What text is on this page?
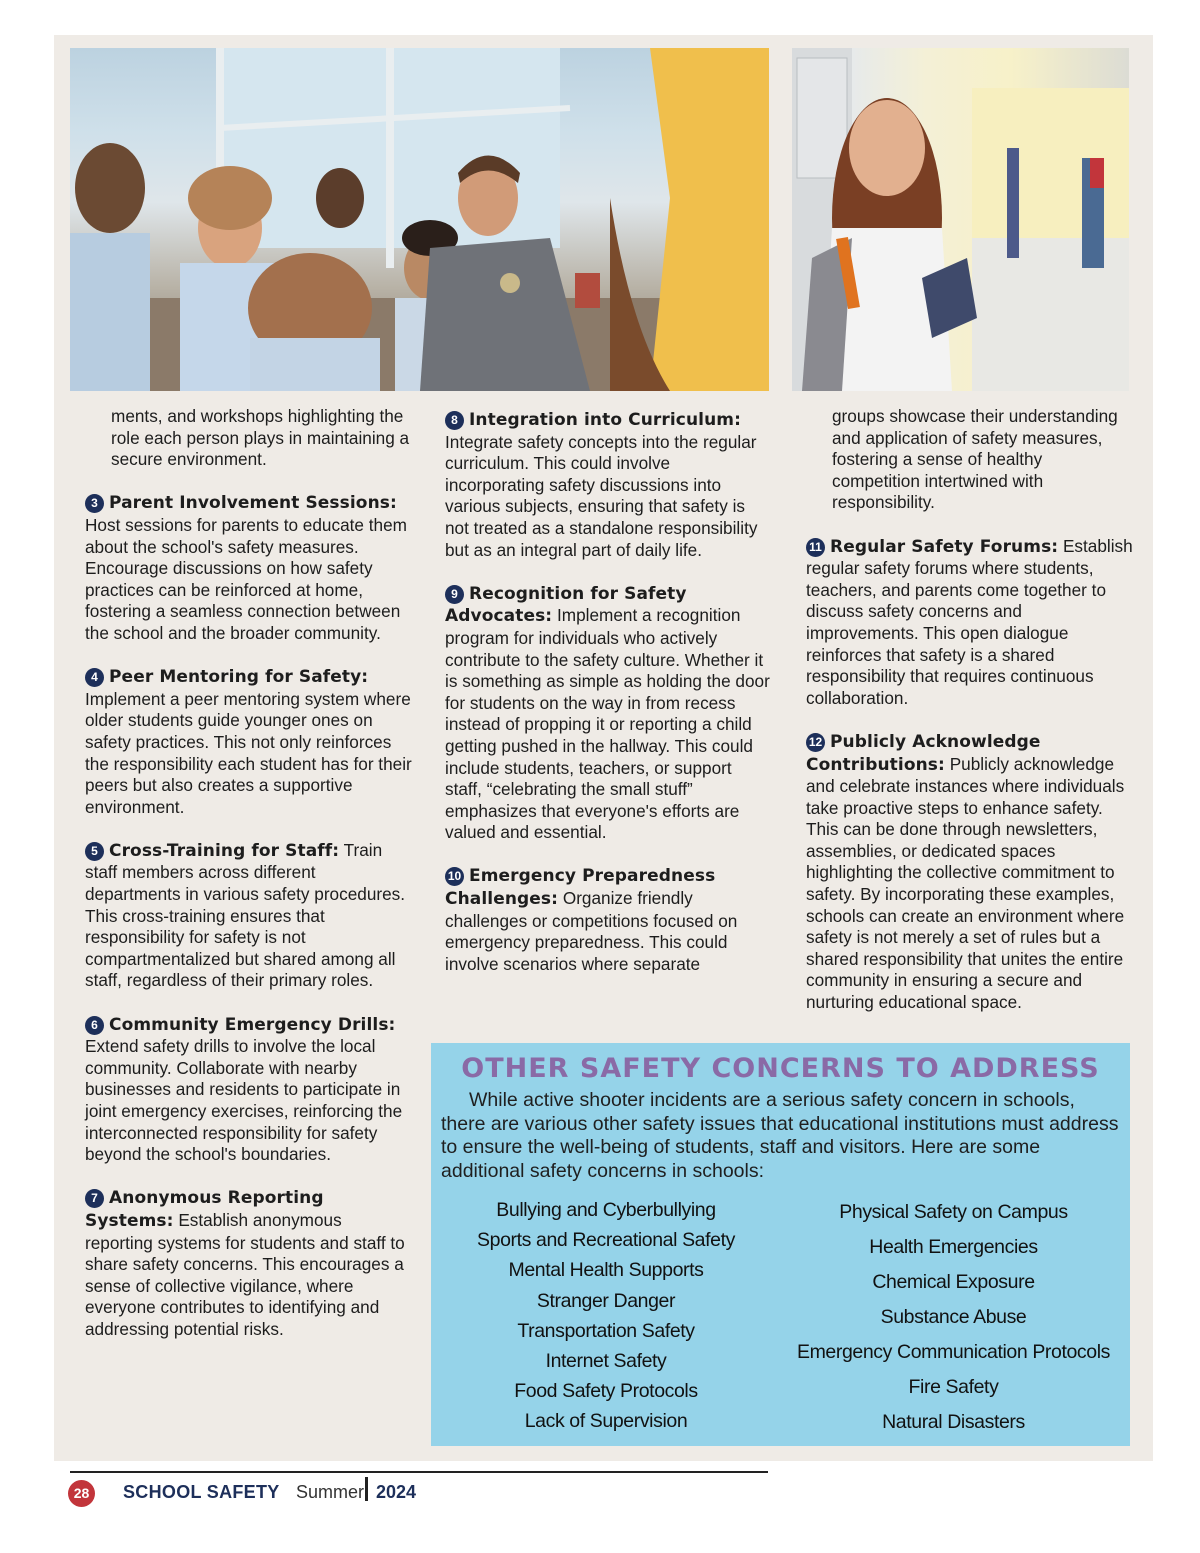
ments, and workshops highlighting the role each person plays in maintaining a secure environment.

3 Parent Involvement Sessions: Host sessions for parents to educate them about the school's safety measures. Encourage discussions on how safety practices can be reinforced at home, fostering a seamless connection between the school and the broader community.

4 Peer Mentoring for Safety: Implement a peer mentoring system where older students guide younger ones on safety practices. This not only reinforces the responsibility each student has for their peers but also creates a supportive environment.

5 Cross-Training for Staff: Train staff members across different departments in various safety procedures. This cross-training ensures that responsibility for safety is not compartmentalized but shared among all staff, regardless of their primary roles.

6 Community Emergency Drills: Extend safety drills to involve the local community. Collaborate with nearby businesses and residents to participate in joint emergency exercises, reinforcing the interconnected responsibility for safety beyond the school's boundaries.

7 Anonymous Reporting Systems: Establish anonymous reporting systems for students and staff to share safety concerns. This encourages a sense of collective vigilance, where everyone contributes to identifying and addressing potential risks.

8 Integration into Curriculum: Integrate safety concepts into the regular curriculum. This could involve incorporating safety discussions into various subjects, ensuring that safety is not treated as a standalone responsibility but as an integral part of daily life.

9 Recognition for Safety Advocates: Implement a recognition program for individuals who actively contribute to the safety culture. Whether it is something as simple as holding the door for students on the way in from recess instead of propping it or reporting a child getting pushed in the hallway. This could include students, teachers, or support staff, “celebrating the small stuff” emphasizes that everyone's efforts are valued and essential.

10 Emergency Preparedness Challenges: Organize friendly challenges or competitions focused on emergency preparedness. This could involve scenarios where separate

groups showcase their understanding and application of safety measures, fostering a sense of healthy competition intertwined with responsibility.

11 Regular Safety Forums: Establish regular safety forums where students, teachers, and parents come together to discuss safety concerns and improvements. This open dialogue reinforces that safety is a shared responsibility that requires continuous collaboration.

12 Publicly Acknowledge Contributions: Publicly acknowledge and celebrate instances where individuals take proactive steps to enhance safety. This can be done through newsletters, assemblies, or dedicated spaces highlighting the collective commitment to safety. By incorporating these examples, schools can create an environment where safety is not merely a set of rules but a shared responsibility that unites the entire community in ensuring a secure and nurturing educational space.

OTHER SAFETY CONCERNS TO ADDRESS
While active shooter incidents are a serious safety concern in schools, there are various other safety issues that educational institutions must address to ensure the well-being of students, staff and visitors. Here are some additional safety concerns in schools:
Bullying and Cyberbullying
Sports and Recreational Safety
Mental Health Supports
Stranger Danger
Transportation Safety
Internet Safety
Food Safety Protocols
Lack of Supervision
Physical Safety on Campus
Health Emergencies
Chemical Exposure
Substance Abuse
Emergency Communication Protocols
Fire Safety
Natural Disasters
28	SCHOOL SAFETY Summer 2024
